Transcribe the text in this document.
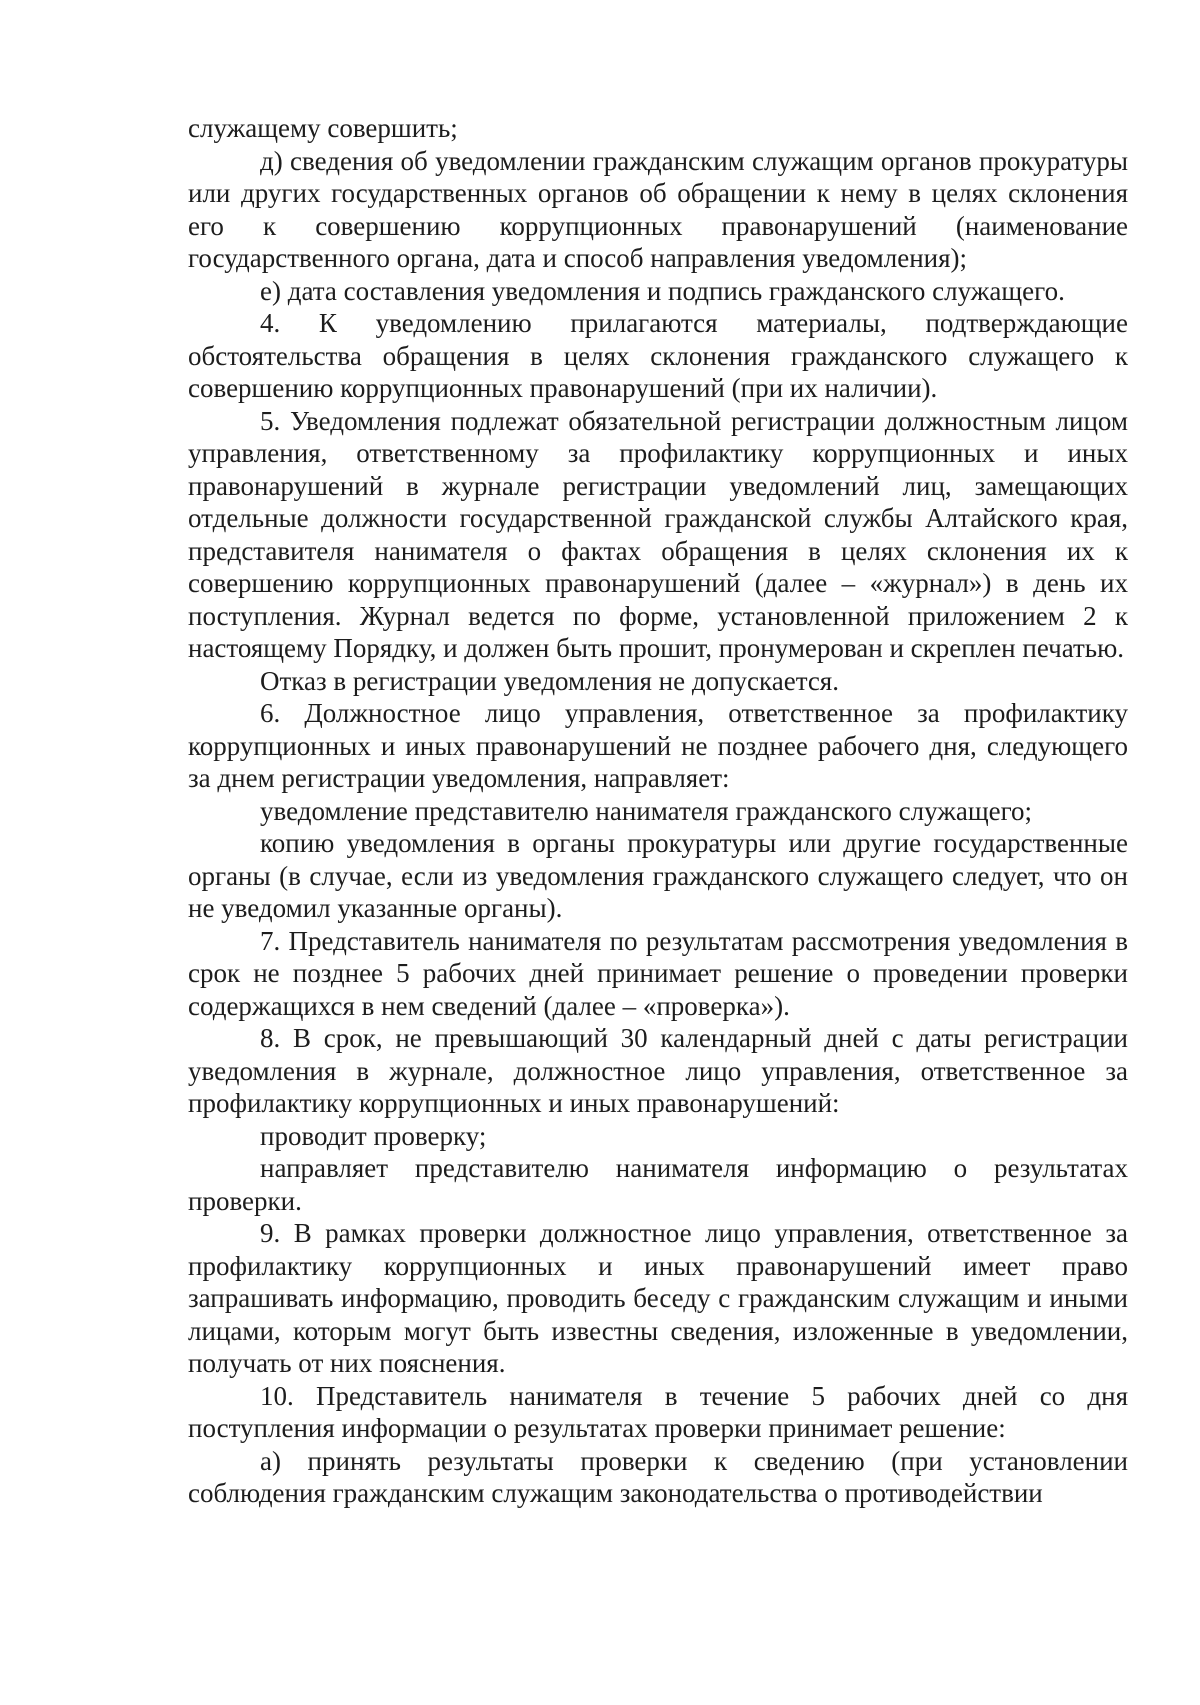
служащему совершить;

д) сведения об уведомлении гражданским служащим органов прокуратуры или других государственных органов об обращении к нему в целях склонения его к совершению коррупционных правонарушений (наименование государственного органа, дата и способ направления уведомления);

е) дата составления уведомления и подпись гражданского служащего.

4. К уведомлению прилагаются материалы, подтверждающие обстоятельства обращения в целях склонения гражданского служащего к совершению коррупционных правонарушений (при их наличии).

5. Уведомления подлежат обязательной регистрации должностным лицом управления, ответственному за профилактику коррупционных и иных правонарушений в журнале регистрации уведомлений лиц, замещающих отдельные должности государственной гражданской службы Алтайского края, представителя нанимателя о фактах обращения в целях склонения их к совершению коррупционных правонарушений (далее – «журнал») в день их поступления. Журнал ведется по форме, установленной приложением 2 к настоящему Порядку, и должен быть прошит, пронумерован и скреплен печатью.

Отказ в регистрации уведомления не допускается.

6. Должностное лицо управления, ответственное за профилактику коррупционных и иных правонарушений не позднее рабочего дня, следующего за днем регистрации уведомления, направляет:

уведомление представителю нанимателя гражданского служащего;

копию уведомления в органы прокуратуры или другие государственные органы (в случае, если из уведомления гражданского служащего следует, что он не уведомил указанные органы).

7. Представитель нанимателя по результатам рассмотрения уведомления в срок не позднее 5 рабочих дней принимает решение о проведении проверки содержащихся в нем сведений (далее – «проверка»).

8. В срок, не превышающий 30 календарный дней с даты регистрации уведомления в журнале, должностное лицо управления, ответственное за профилактику коррупционных и иных правонарушений:

проводит проверку;

направляет представителю нанимателя информацию о результатах проверки.

9. В рамках проверки должностное лицо управления, ответственное за профилактику коррупционных и иных правонарушений имеет право запрашивать информацию, проводить беседу с гражданским служащим и иными лицами, которым могут быть известны сведения, изложенные в уведомлении, получать от них пояснения.

10. Представитель нанимателя в течение 5 рабочих дней со дня поступления информации о результатах проверки принимает решение:

а) принять результаты проверки к сведению (при установлении соблюдения гражданским служащим законодательства о противодействии
